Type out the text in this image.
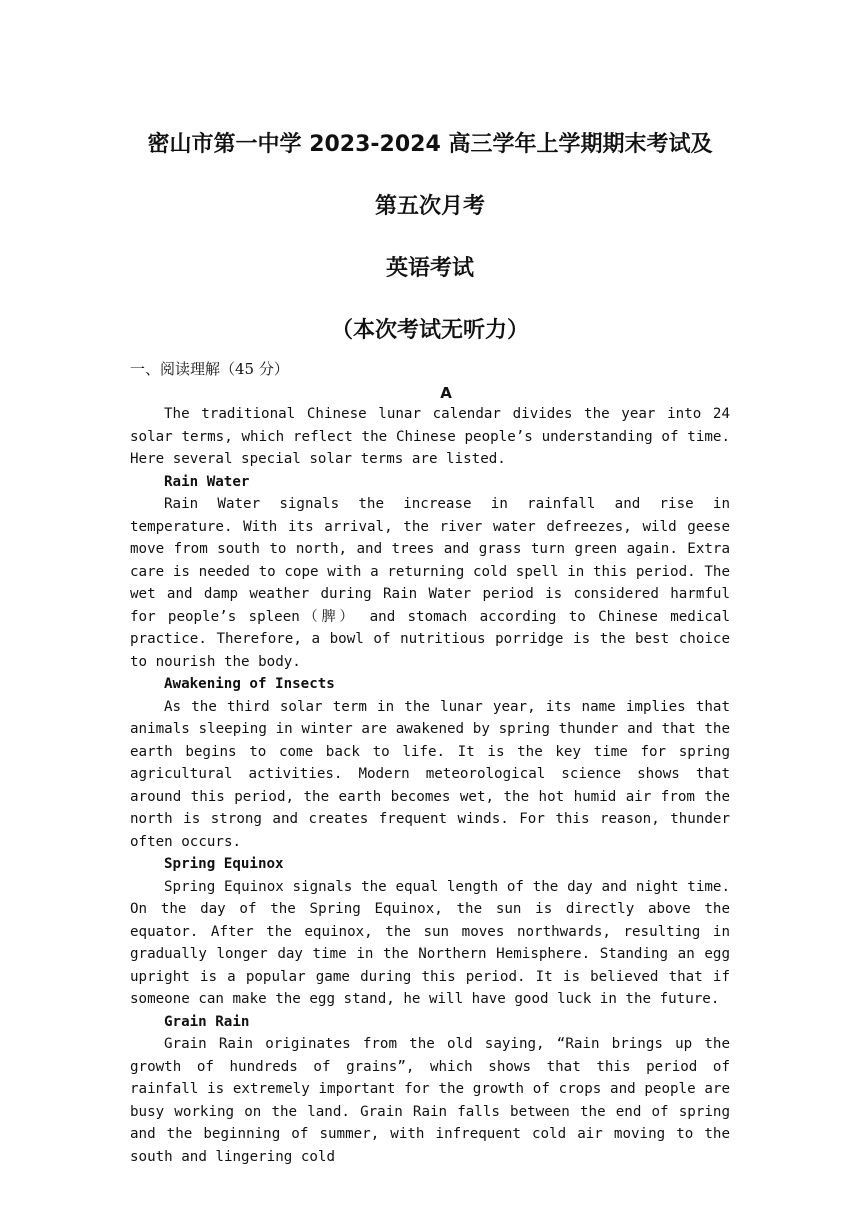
密山市第一中学 2023-2024 高三学年上学期期末考试及
第五次月考
英语考试
（本次考试无听力）
一、阅读理解（45 分）
A

The traditional Chinese lunar calendar divides the year into 24 solar terms, which reflect the Chinese people’s understanding of time. Here several special solar terms are listed.

Rain Water

Rain Water signals the increase in rainfall and rise in temperature. With its arrival, the river water defreezes, wild geese move from south to north, and trees and grass turn green again. Extra care is needed to cope with a returning cold spell in this period. The wet and damp weather during Rain Water period is considered harmful for people’s spleen（脾） and stomach according to Chinese medical practice. Therefore, a bowl of nutritious porridge is the best choice to nourish the body.

Awakening of Insects

As the third solar term in the lunar year, its name implies that animals sleeping in winter are awakened by spring thunder and that the earth begins to come back to life. It is the key time for spring agricultural activities. Modern meteorological science shows that around this period, the earth becomes wet, the hot humid air from the north is strong and creates frequent winds. For this reason, thunder often occurs.

Spring Equinox

Spring Equinox signals the equal length of the day and night time. On the day of the Spring Equinox, the sun is directly above the equator. After the equinox, the sun moves northwards, resulting in gradually longer day time in the Northern Hemisphere. Standing an egg upright is a popular game during this period. It is believed that if someone can make the egg stand, he will have good luck in the future.

Grain Rain

Grain Rain originates from the old saying, “Rain brings up the growth of hundreds of grains”, which shows that this period of rainfall is extremely important for the growth of crops and people are busy working on the land. Grain Rain falls between the end of spring and the beginning of summer, with infrequent cold air moving to the south and lingering cold
